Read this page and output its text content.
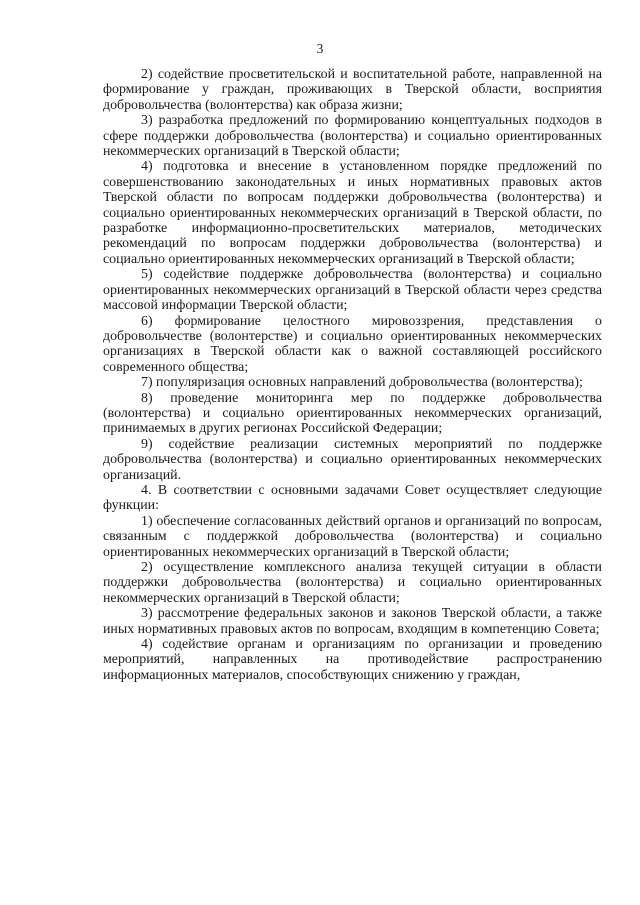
3

2) содействие просветительской и воспитательной работе, направленной на формирование у граждан, проживающих в Тверской области, восприятия добровольчества (волонтерства) как образа жизни;

3) разработка предложений по формированию концептуальных подходов в сфере поддержки добровольчества (волонтерства) и социально ориентированных некоммерческих организаций в Тверской области;

4) подготовка и внесение в установленном порядке предложений по совершенствованию законодательных и иных нормативных правовых актов Тверской области по вопросам поддержки добровольчества (волонтерства) и социально ориентированных некоммерческих организаций в Тверской области, по разработке информационно-просветительских материалов, методических рекомендаций по вопросам поддержки добровольчества (волонтерства) и социально ориентированных некоммерческих организаций в Тверской области;

5) содействие поддержке добровольчества (волонтерства) и социально ориентированных некоммерческих организаций в Тверской области через средства массовой информации Тверской области;

6) формирование целостного мировоззрения, представления о добровольчестве (волонтерстве) и социально ориентированных некоммерческих организациях в Тверской области как о важной составляющей российского современного общества;

7) популяризация основных направлений добровольчества (волонтерства);

8) проведение мониторинга мер по поддержке добровольчества (волонтерства) и социально ориентированных некоммерческих организаций, принимаемых в других регионах Российской Федерации;

9) содействие реализации системных мероприятий по поддержке добровольчества (волонтерства) и социально ориентированных некоммерческих организаций.

4. В соответствии с основными задачами Совет осуществляет следующие функции:

1) обеспечение согласованных действий органов и организаций по вопросам, связанным с поддержкой добровольчества (волонтерства) и социально ориентированных некоммерческих организаций в Тверской области;

2) осуществление комплексного анализа текущей ситуации в области поддержки добровольчества (волонтерства) и социально ориентированных некоммерческих организаций в Тверской области;

3) рассмотрение федеральных законов и законов Тверской области, а также иных нормативных правовых актов по вопросам, входящим в компетенцию Совета;

4) содействие органам и организациям по организации и проведению мероприятий, направленных на противодействие распространению информационных материалов, способствующих снижению у граждан,
